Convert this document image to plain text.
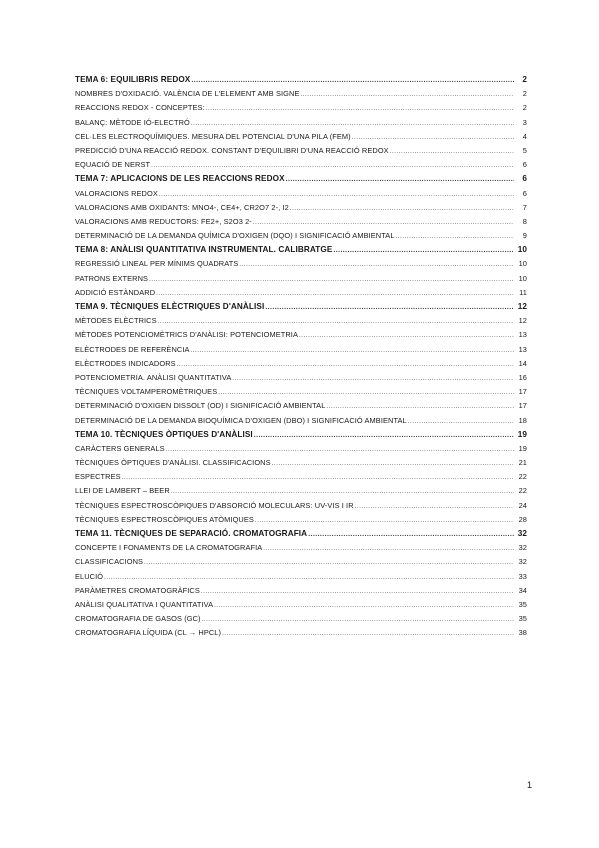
TEMA 6: EQUILIBRIS REDOX .....	2
NOMBRES D'OXIDACIÓ. VALÈNCIA DE L'ELEMENT AMB SIGNE .....	2
REACCIONS REDOX - CONCEPTES: .....	2
BALANÇ: MÈTODE IÓ-ELECTRÓ .....	3
CEL·LES ELECTROQUÍMIQUES. MESURA DEL POTENCIAL D'UNA PILA (FEM) .....	4
PREDICCIÓ D'UNA REACCIÓ REDOX. CONSTANT D'EQUILIBRI D'UNA REACCIÓ REDOX .....	5
EQUACIÓ DE NERST .....	6
TEMA 7: APLICACIONS DE LES REACCIONS REDOX .....	6
VALORACIONS REDOX .....	6
VALORACIONS AMB OXIDANTS: MNO4-, CE4+, CR2O7 2-, I2 .....	7
VALORACIONS AMB REDUCTORS: FE2+, S2O3 2- .....	8
DETERMINACIÓ DE LA DEMANDA QUÍMICA D'OXIGEN (DQO) I SIGNIFICACIÓ AMBIENTAL .....	9
TEMA 8: ANÀLISI QUANTITATIVA INSTRUMENTAL. CALIBRATGE .....	10
REGRESSIÓ LINEAL PER MÍNIMS QUADRATS .....	10
PATRONS EXTERNS .....	10
ADDICIÓ ESTÀNDARD .....	11
TEMA 9. TÈCNIQUES ELÈCTRIQUES D'ANÀLISI .....	12
MÈTODES ELÈCTRICS .....	12
MÈTODES POTENCIOMÈTRICS D'ANÀLISI: POTENCIOMETRIA .....	13
ELÈCTRODES DE REFERÈNCIA .....	13
ELÈCTRODES INDICADORS .....	14
POTENCIOMETRIA. ANÀLISI QUANTITATIVA .....	16
TÈCNIQUES VOLTAMPEROMÈTRIQUES .....	17
DETERMINACIÓ D'OXIGEN DISSOLT (OD) I SIGNIFICACIÓ AMBIENTAL .....	17
DETERMINACIÓ DE LA DEMANDA BIOQUÍMICA D'OXIGEN (DBO) I SIGNIFICACIÓ AMBIENTAL .....	18
TEMA 10. TÈCNIQUES ÒPTIQUES D'ANÀLISI .....	19
CARÀCTERS GENERALS .....	19
TÈCNIQUES ÒPTIQUES D'ANÀLISI. CLASSIFICACIONS .....	21
ESPECTRES .....	22
LLEI DE LAMBERT – BEER .....	22
TÈCNIQUES ESPECTROSCÒPIQUES D'ABSORCIÓ MOLECULARS: UV-VIS I IR .....	24
TÈCNIQUES ESPECTROSCÒPIQUES ATÒMIQUES .....	28
TEMA 11. TÈCNIQUES DE SEPARACIÓ. CROMATOGRAFIA .....	32
CONCEPTE I FONAMENTS DE LA CROMATOGRAFIA .....	32
CLASSIFICACIONS .....	32
ELUCIÓ .....	33
PARÀMETRES CROMATOGRÀFICS .....	34
ANÀLISI QUALITATIVA I QUANTITATIVA .....	35
CROMATOGRAFIA DE GASOS (GC) .....	35
CROMATOGRAFIA LÍQUIDA (CL → HPCL) .....	38
1
